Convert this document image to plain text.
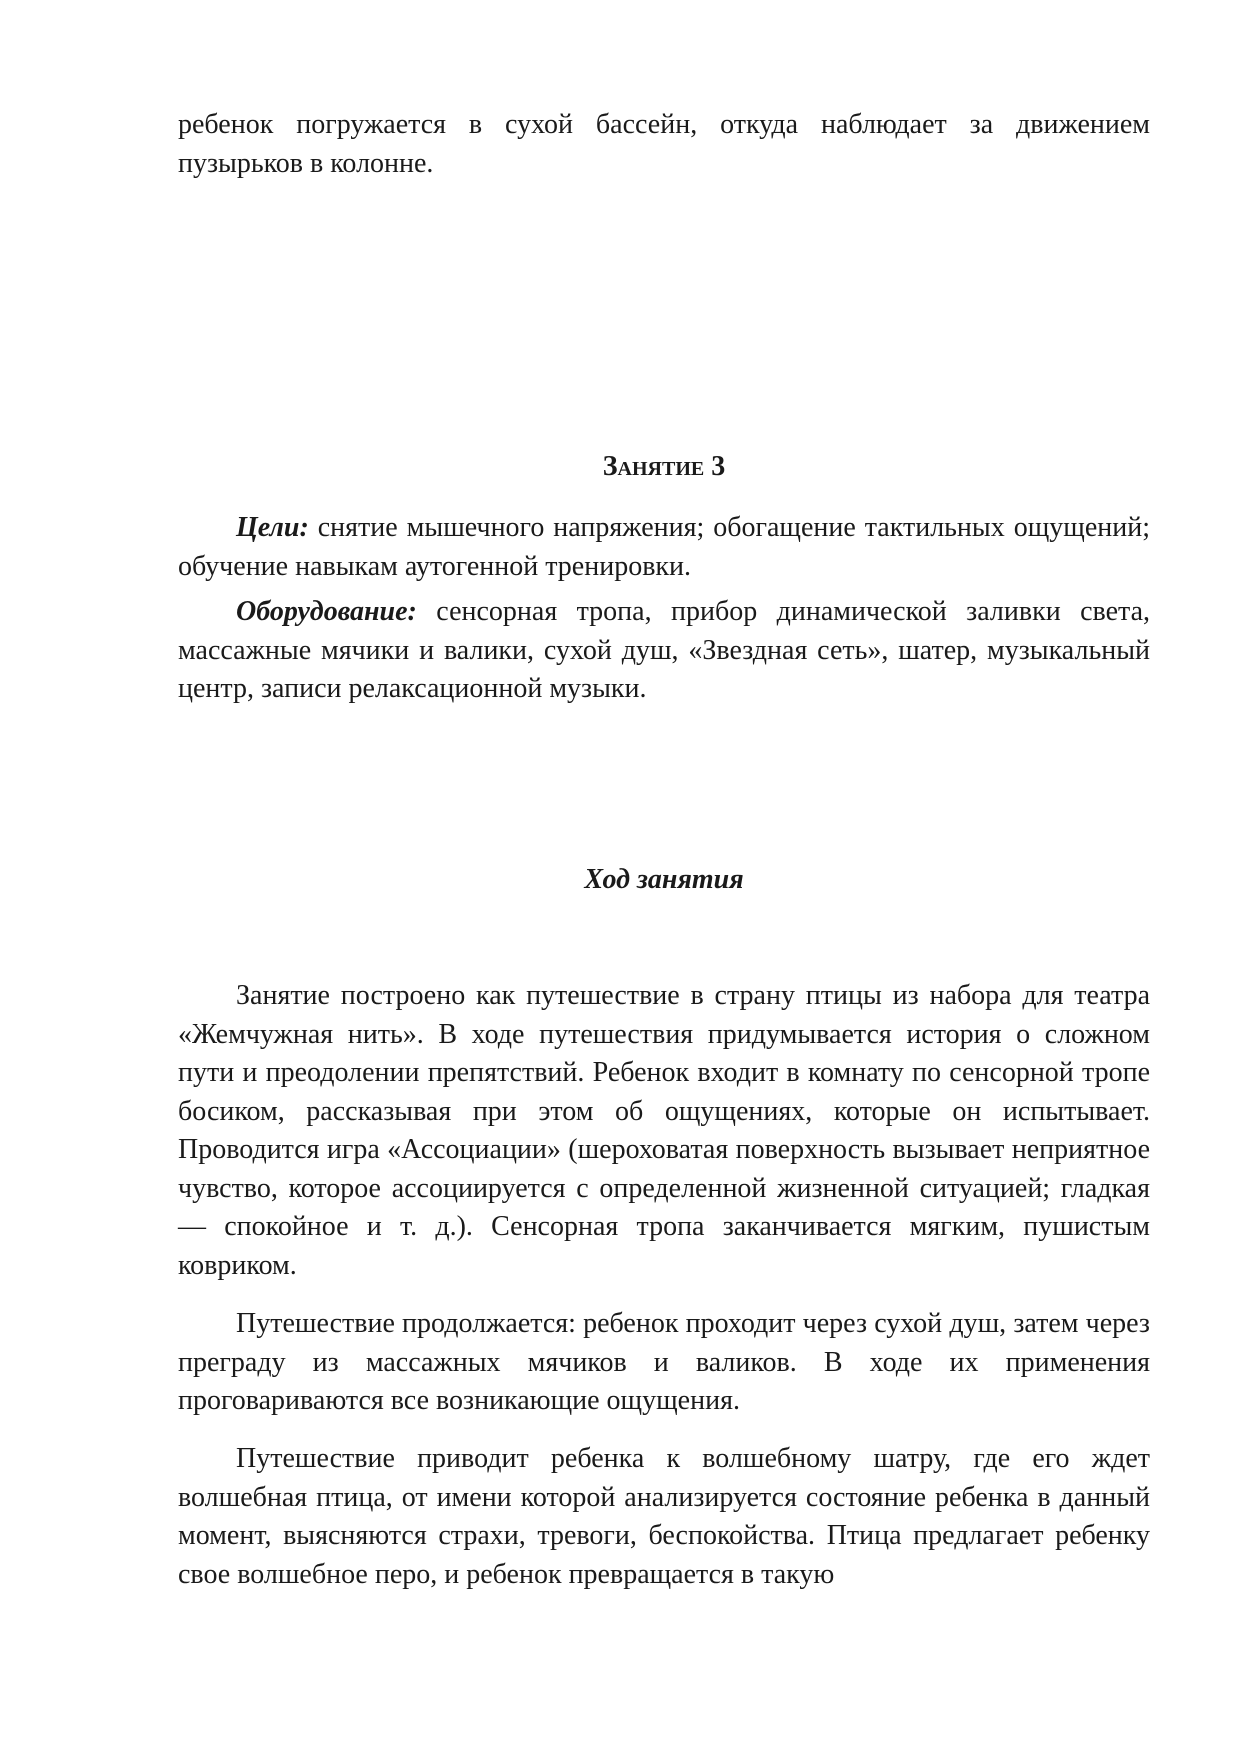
ребенок погружается в сухой бассейн, откуда наблюдает за движением пузырьков в колонне.

Занятие 3

Цели: снятие мышечного напряжения; обогащение тактильных ощущений; обучение навыкам аутогенной тренировки.

Оборудование: сенсорная тропа, прибор динамической заливки света, массажные мячики и валики, сухой душ, «Звездная сеть», шатер, музыкальный центр, записи релаксационной музыки.

Ход занятия

Занятие построено как путешествие в страну птицы из набора для театра «Жемчужная нить». В ходе путешествия придумывается история о сложном пути и преодолении препятствий. Ребенок входит в комнату по сенсорной тропе босиком, рассказывая при этом об ощущениях, которые он испытывает. Проводится игра «Ассоциации» (шероховатая поверхность вызывает неприятное чувство, которое ассоциируется с определенной жизненной ситуацией; гладкая — спокойное и т. д.). Сенсорная тропа заканчивается мягким, пушистым ковриком.

Путешествие продолжается: ребенок проходит через сухой душ, затем через преграду из массажных мячиков и валиков. В ходе их применения проговариваются все возникающие ощущения.

Путешествие приводит ребенка к волшебному шатру, где его ждет волшебная птица, от имени которой анализируется состояние ребенка в данный момент, выясняются страхи, тревоги, беспокойства. Птица предлагает ребенку свое волшебное перо, и ребенок превращается в такую
